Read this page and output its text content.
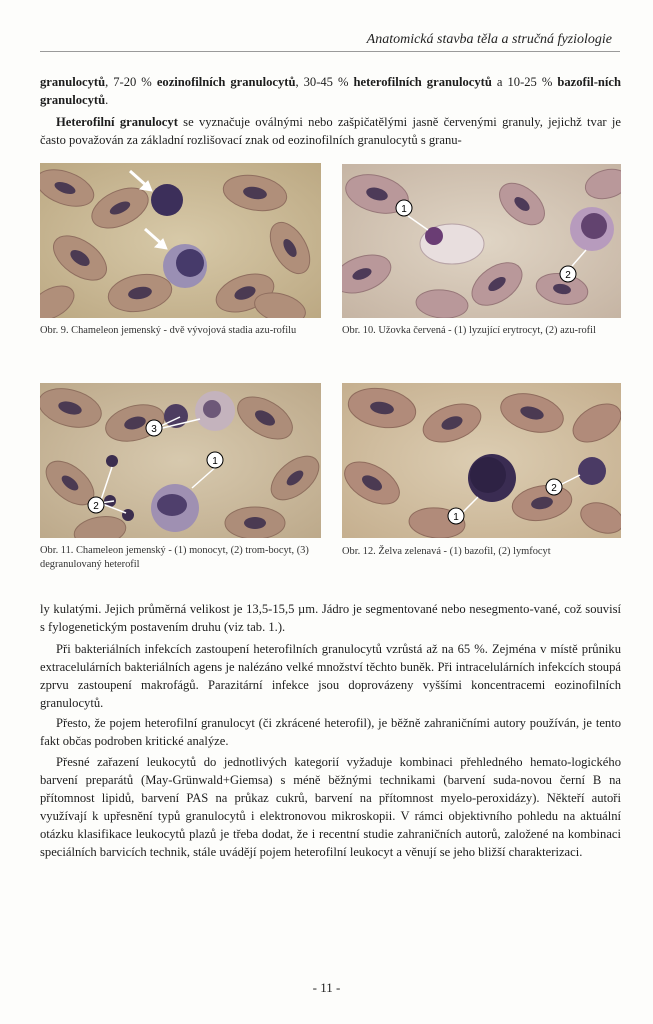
Anatomická stavba těla a stručná fyziologie

granulocytů, 7-20 % eozinofilních granulocytů, 30-45 % heterofilních granulocytů a 10-25 % bazofil-ních granulocytů.

Heterofilní granulocyt se vyznačuje oválnými nebo zašpičatělými jasně červenými granuly, jejichž tvar je často považován za základní rozlišovací znak od eozinofilních granulocytů s granu-

Obr. 9. Chameleon jemenský - dvě vývojová stadia azu-rofilu
1
2
Obr. 10. Užovka červená - (1) lyzující erytrocyt, (2) azu-rofil
1
2
3
Obr. 11. Chameleon jemenský - (1) monocyt, (2) trom-bocyt, (3) degranulovaný heterofil
1
2
Obr. 12. Želva zelenavá - (1) bazofil, (2) lymfocyt

ly kulatými. Jejich průměrná velikost je 13,5-15,5 µm. Jádro je segmentované nebo nesegmento-vané, což souvisí s fylogenetickým postavením druhu (viz tab. 1.).

Při bakteriálních infekcích zastoupení heterofilních granulocytů vzrůstá až na 65 %. Zejména v místě průniku extracelulárních bakteriálních agens je nalézáno velké množství těchto buněk. Při intracelulárních infekcích stoupá zprvu zastoupení makrofágů. Parazitární infekce jsou doprovázeny vyššími koncentracemi eozinofilních granulocytů.

Přesto, že pojem heterofilní granulocyt (či zkrácené heterofil), je běžně zahraničními autory používán, je tento fakt občas podroben kritické analýze.

Přesné zařazení leukocytů do jednotlivých kategorií vyžaduje kombinaci přehledného hemato-logického barvení preparátů (May-Grünwald+Giemsa) s méně běžnými technikami (barvení suda-novou černí B na přítomnost lipidů, barvení PAS na průkaz cukrů, barvení na přítomnost myelo-peroxidázy). Někteří autoři využívají k upřesnění typů granulocytů i elektronovou mikroskopii. V rámci objektivního pohledu na aktuální otázku klasifikace leukocytů plazů je třeba dodat, že i recentní studie zahraničních autorů, založené na kombinaci speciálních barvicích technik, stále uvádějí pojem heterofilní leukocyt a věnují se jeho bližší charakterizaci.

- 11 -
